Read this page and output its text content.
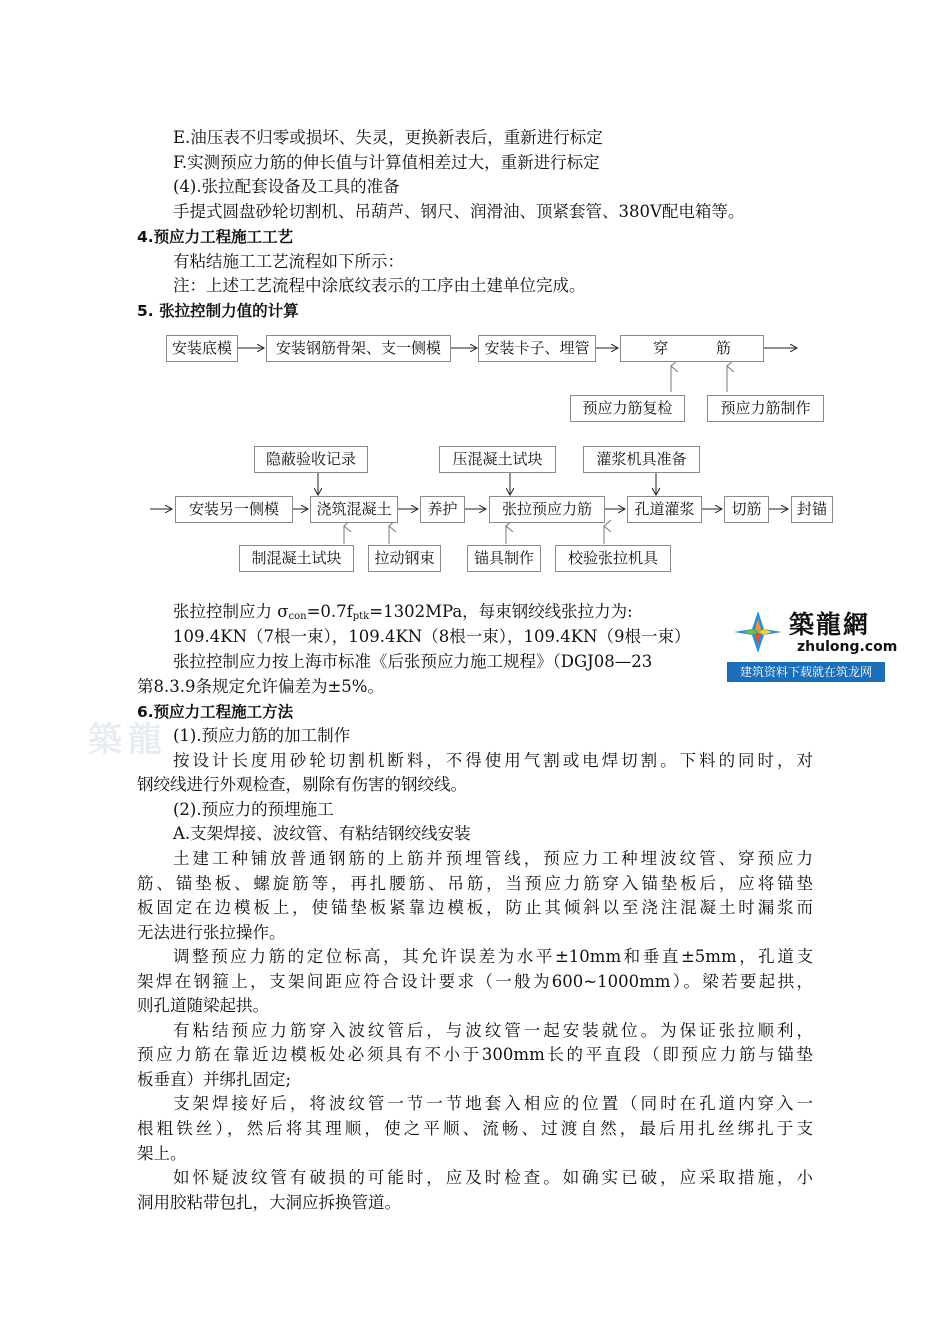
築龍
E.油压表不归零或损坏、失灵，更换新表后，重新进行标定
F.实测预应力筋的伸长值与计算值相差过大，重新进行标定
(4).张拉配套设备及工具的准备
手提式圆盘砂轮切割机、吊葫芦、钢尺、润滑油、顶紧套管、380V配电箱等。
4.预应力工程施工工艺
有粘结施工工艺流程如下所示：
注：上述工艺流程中涂底纹表示的工序由土建单位完成。
5. 张拉控制力值的计算
安装底模	安装钢筋骨架、支一侧模	安装卡子、埋管	穿          筋
预应力筋复检	预应力筋制作
隐蔽验收记录	压混凝土试块	灌浆机具准备
安装另一侧模	浇筑混凝土	养护	张拉预应力筋	孔道灌浆	切筋	封锚
制混凝土试块	拉动钢束	锚具制作	校验张拉机具
张拉控制应力 $\sigma_{con}=0.7f_{ptk}=1302MPa$，每束钢绞线张拉力为:
109.4KN（7根一束），109.4KN（8根一束），109.4KN（9根一束）
张拉控制应力按上海市标准《后张预应力施工规程》（DGJ08—23
第8.3.9条规定允许偏差为±5%。
築龍網
zhulong.com
建筑资料下载就在筑龙网
6.预应力工程施工方法
(1).预应力筋的加工制作
按设计长度用砂轮切割机断料，不得使用气割或电焊切割。下料的同时，对
钢绞线进行外观检查，剔除有伤害的钢绞线。
(2).预应力的预埋施工
A.支架焊接、波纹管、有粘结钢绞线安装
土建工种铺放普通钢筋的上筋并预埋管线，预应力工种埋波纹管、穿预应力
筋、锚垫板、螺旋筋等，再扎腰筋、吊筋，当预应力筋穿入锚垫板后，应将锚垫
板固定在边模板上，使锚垫板紧靠边模板，防止其倾斜以至浇注混凝土时漏浆而
无法进行张拉操作。
调整预应力筋的定位标高，其允许误差为水平±10mm和垂直±5mm，孔道支
架焊在钢箍上，支架间距应符合设计要求（一般为600~1000mm）。梁若要起拱，
则孔道随梁起拱。
有粘结预应力筋穿入波纹管后，与波纹管一起安装就位。为保证张拉顺利，
预应力筋在靠近边模板处必须具有不小于300mm长的平直段（即预应力筋与锚垫
板垂直）并绑扎固定;
支架焊接好后，将波纹管一节一节地套入相应的位置（同时在孔道内穿入一
根粗铁丝），然后将其理顺，使之平顺、流畅、过渡自然，最后用扎丝绑扎于支
架上。
如怀疑波纹管有破损的可能时，应及时检查。如确实已破，应采取措施，小
洞用胶粘带包扎，大洞应拆换管道。
